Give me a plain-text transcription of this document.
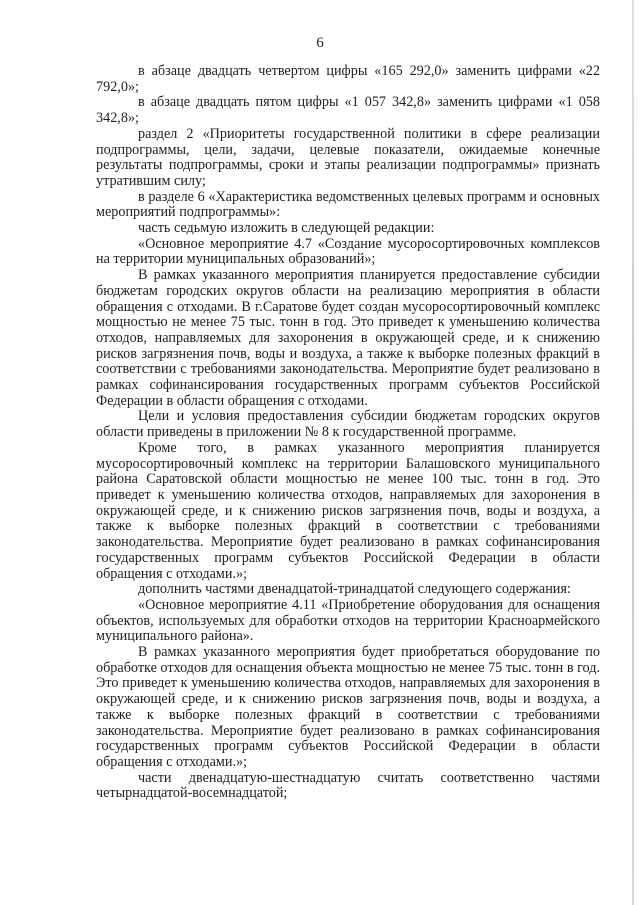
6

в абзаце двадцать четвертом цифры «165 292,0» заменить цифрами «22 792,0»;

в абзаце двадцать пятом цифры «1 057 342,8» заменить цифрами «1 058 342,8»;

раздел 2 «Приоритеты государственной политики в сфере реализации подпрограммы, цели, задачи, целевые показатели, ожидаемые конечные результаты подпрограммы, сроки и этапы реализации подпрограммы» признать утратившим силу;

в разделе 6 «Характеристика ведомственных целевых программ и основных мероприятий подпрограммы»:

часть седьмую изложить в следующей редакции:

«Основное мероприятие 4.7 «Создание мусоросортировочных комплексов на территории муниципальных образований»;

В рамках указанного мероприятия планируется предоставление субсидии бюджетам городских округов области на реализацию мероприятия в области обращения с отходами. В г.Саратове будет создан мусоросортировочный комплекс мощностью не менее 75 тыс. тонн в год. Это приведет к уменьшению количества отходов, направляемых для захоронения в окружающей среде, и к снижению рисков загрязнения почв, воды и воздуха, а также к выборке полезных фракций в соответствии с требованиями законодательства. Мероприятие будет реализовано в рамках софинансирования государственных программ субъектов Российской Федерации в области обращения с отходами.

Цели и условия предоставления субсидии бюджетам городских округов области приведены в приложении № 8 к государственной программе.

Кроме того, в рамках указанного мероприятия планируется мусоросортировочный комплекс на территории Балашовского муниципального района Саратовской области мощностью не менее 100 тыс. тонн в год. Это приведет к уменьшению количества отходов, направляемых для захоронения в окружающей среде, и к снижению рисков загрязнения почв, воды и воздуха, а также к выборке полезных фракций в соответствии с требованиями законодательства. Мероприятие будет реализовано в рамках софинансирования государственных программ субъектов Российской Федерации в области обращения с отходами.»;

дополнить частями двенадцатой-тринадцатой следующего содержания:

«Основное мероприятие 4.11 «Приобретение оборудования для оснащения объектов, используемых для обработки отходов на территории Красноармейского муниципального района».

В рамках указанного мероприятия будет приобретаться оборудование по обработке отходов для оснащения объекта мощностью не менее 75 тыс. тонн в год. Это приведет к уменьшению количества отходов, направляемых для захоронения в окружающей среде, и к снижению рисков загрязнения почв, воды и воздуха, а также к выборке полезных фракций в соответствии с требованиями законодательства. Мероприятие будет реализовано в рамках софинансирования государственных программ субъектов Российской Федерации в области обращения с отходами.»;

части двенадцатую-шестнадцатую считать соответственно частями четырнадцатой-восемнадцатой;
